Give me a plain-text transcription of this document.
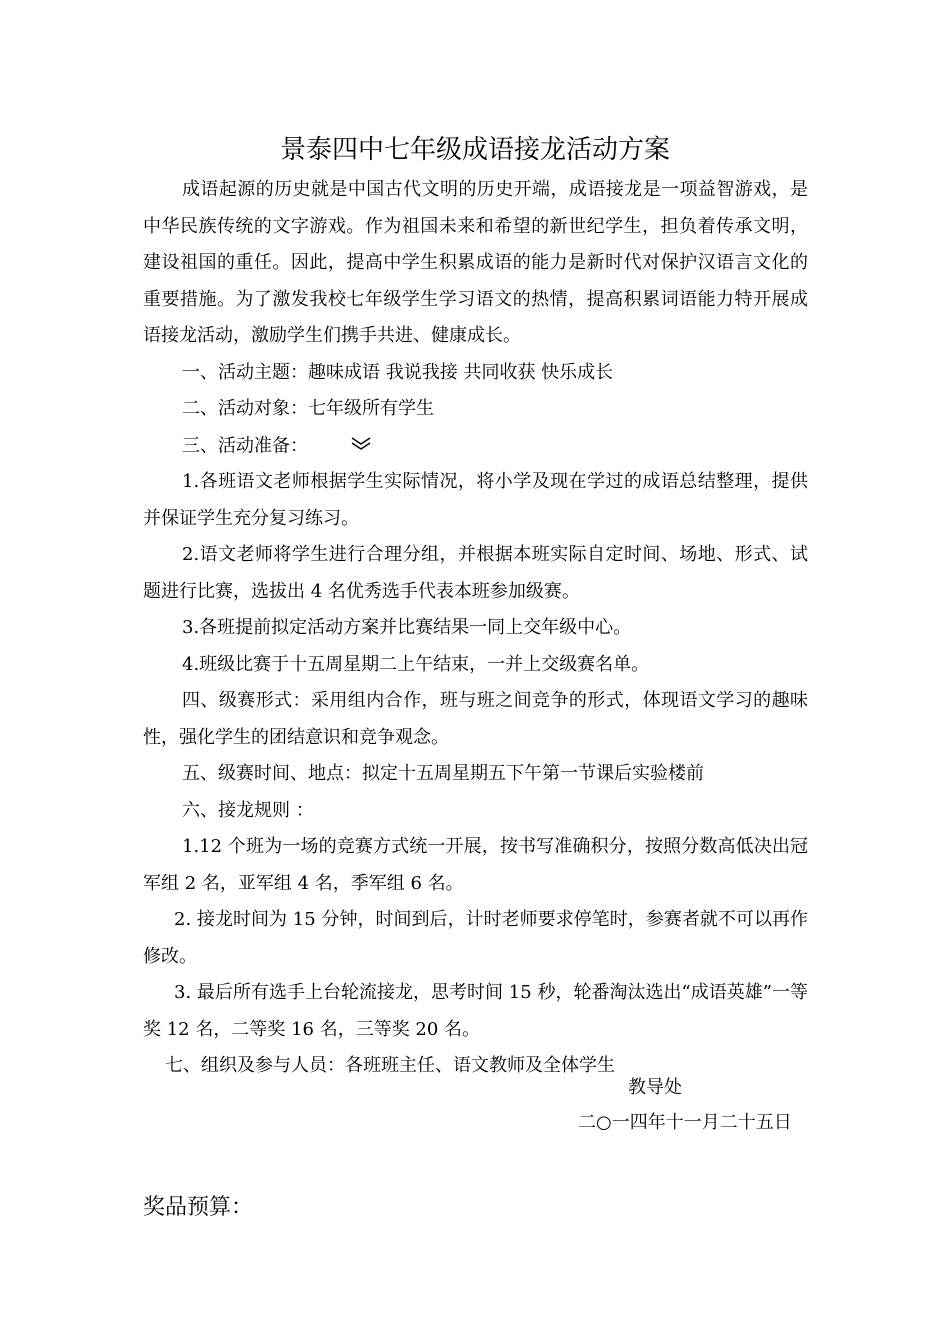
景泰四中七年级成语接龙活动方案

成语起源的历史就是中国古代文明的历史开端，成语接龙是一项益智游戏，是中华民族传统的文字游戏。作为祖国未来和希望的新世纪学生，担负着传承文明，建设祖国的重任。因此，提高中学生积累成语的能力是新时代对保护汉语言文化的重要措施。为了激发我校七年级学生学习语文的热情，提高积累词语能力特开展成语接龙活动，激励学生们携手共进、健康成长。

一、活动主题：趣味成语 我说我接 共同收获 快乐成长

二、活动对象：七年级所有学生

三、活动准备：

1.各班语文老师根据学生实际情况，将小学及现在学过的成语总结整理，提供并保证学生充分复习练习。

2.语文老师将学生进行合理分组，并根据本班实际自定时间、场地、形式、试题进行比赛，选拔出 4 名优秀选手代表本班参加级赛。

3.各班提前拟定活动方案并比赛结果一同上交年级中心。

4.班级比赛于十五周星期二上午结束，一并上交级赛名单。

四、级赛形式：采用组内合作，班与班之间竞争的形式，体现语文学习的趣味性，强化学生的团结意识和竞争观念。

五、级赛时间、地点：拟定十五周星期五下午第一节课后实验楼前

六、接龙规则 ：

1.12 个班为一场的竞赛方式统一开展，按书写准确积分，按照分数高低决出冠军组 2 名，亚军组 4 名，季军组 6 名。

2. 接龙时间为 15 分钟，时间到后，计时老师要求停笔时，参赛者就不可以再作修改。

3. 最后所有选手上台轮流接龙，思考时间 15 秒，轮番淘汰选出“成语英雄”一等奖 12 名，二等奖 16 名，三等奖 20 名。

七、组织及参与人员：各班班主任、语文教师及全体学生

教导处
二○一四年十一月二十五日
奖品预算：
